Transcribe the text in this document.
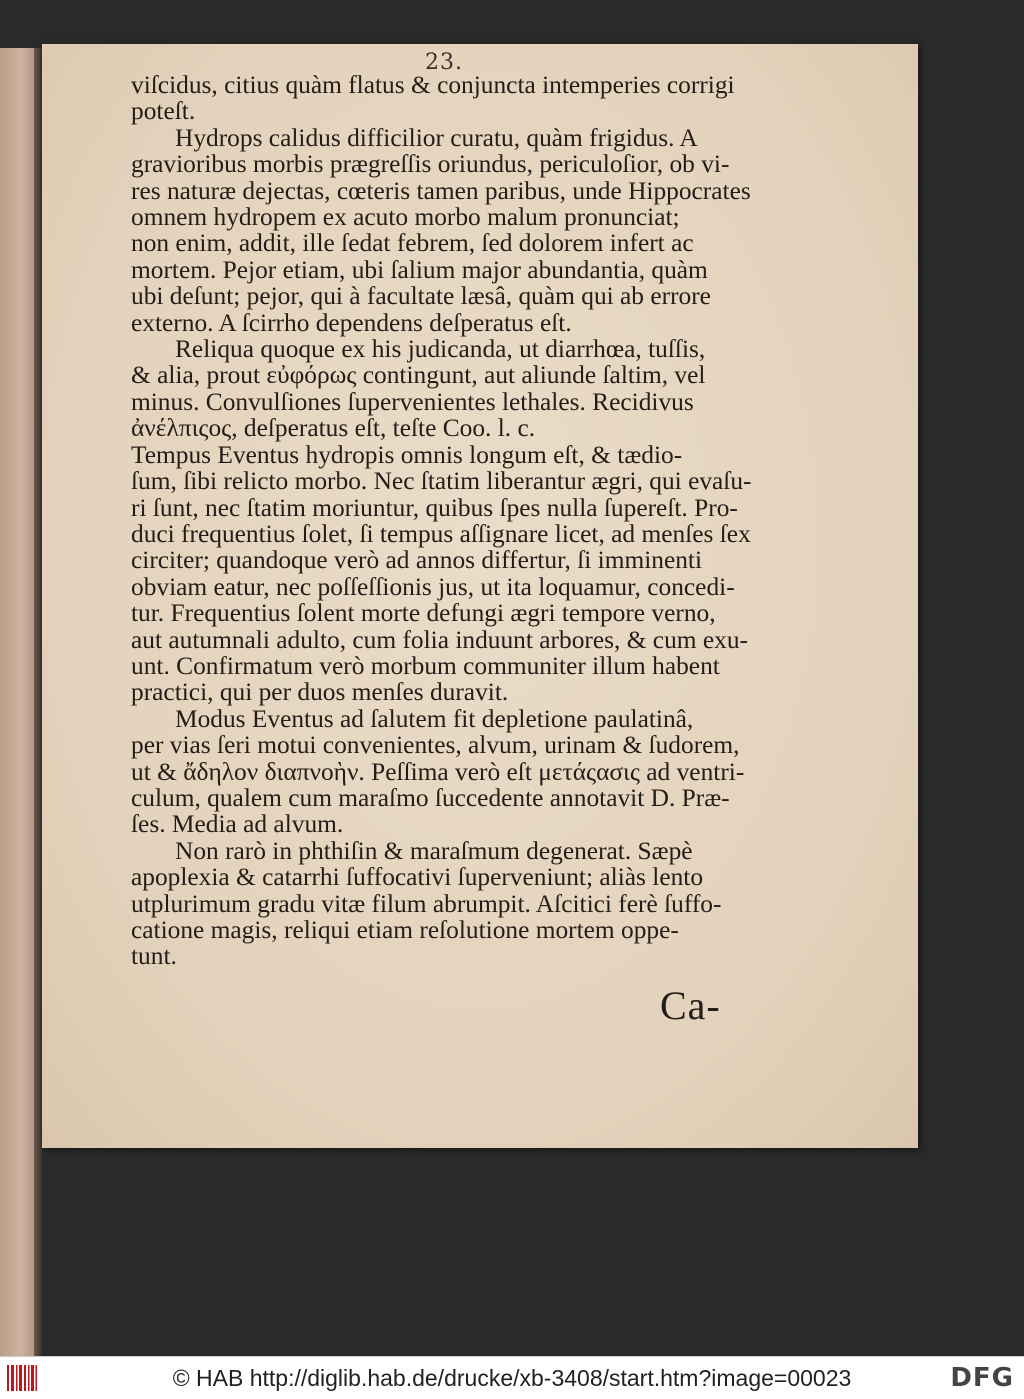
23.

viſcidus, citius quàm flatus & conjuncta intemperies corrigi
poteſt.

Hydrops calidus difficilior curatu, quàm frigidus. A
gravioribus morbis prægreſſis oriundus, periculoſior, ob vi-
res naturæ dejectas, cœteris tamen paribus, unde Hippocrates
omnem hydropem ex acuto morbo malum pronunciat;
non enim, addit, ille ſedat febrem, ſed dolorem infert ac
mortem. Pejor etiam, ubi ſalium major abundantia, quàm
ubi deſunt; pejor, qui à facultate læsâ, quàm qui ab errore
externo. A ſcirrho dependens deſperatus eſt.

Reliqua quoque ex his judicanda, ut diarrhœa, tuſſis,
& alia, prout εὐφόρως contingunt, aut aliunde ſaltim, vel
minus. Convulſiones ſupervenientes lethales. Recidivus
ἀνέλπιςος, deſperatus eſt, teſte Coo. l. c.

Tempus Eventus hydropis omnis longum eſt, & tædio-
ſum, ſibi relicto morbo. Nec ſtatim liberantur ægri, qui evaſu-
ri ſunt, nec ſtatim moriuntur, quibus ſpes nulla ſupereſt. Pro-
duci frequentius ſolet, ſi tempus aſſignare licet, ad menſes ſex
circiter; quandoque verò ad annos differtur, ſi imminenti
obviam eatur, nec poſſeſſionis jus, ut ita loquamur, concedi-
tur. Frequentius ſolent morte defungi ægri tempore verno,
aut autumnali adulto, cum folia induunt arbores, & cum exu-
unt. Confirmatum verò morbum communiter illum habent
practici, qui per duos menſes duravit.

Modus Eventus ad ſalutem fit depletione paulatinâ,
per vias ſeri motui convenientes, alvum, urinam & ſudorem,
ut & ἄδηλον διαπνοὴν. Peſſima verò eſt μετάςασις ad ventri-
culum, qualem cum maraſmo ſuccedente annotavit D. Præ-
ſes. Media ad alvum.

Non rarò in phthiſin & maraſmum degenerat. Sæpè
apoplexia & catarrhi ſuffocativi ſuperveniunt; aliàs lento
utplurimum gradu vitæ filum abrumpit. Aſcitici ferè ſuffo-
catione magis, reliqui etiam reſolutione mortem oppe-
tunt.

Ca-
© HAB http://diglib.hab.de/drucke/xb-3408/start.htm?image=00023	DFG
